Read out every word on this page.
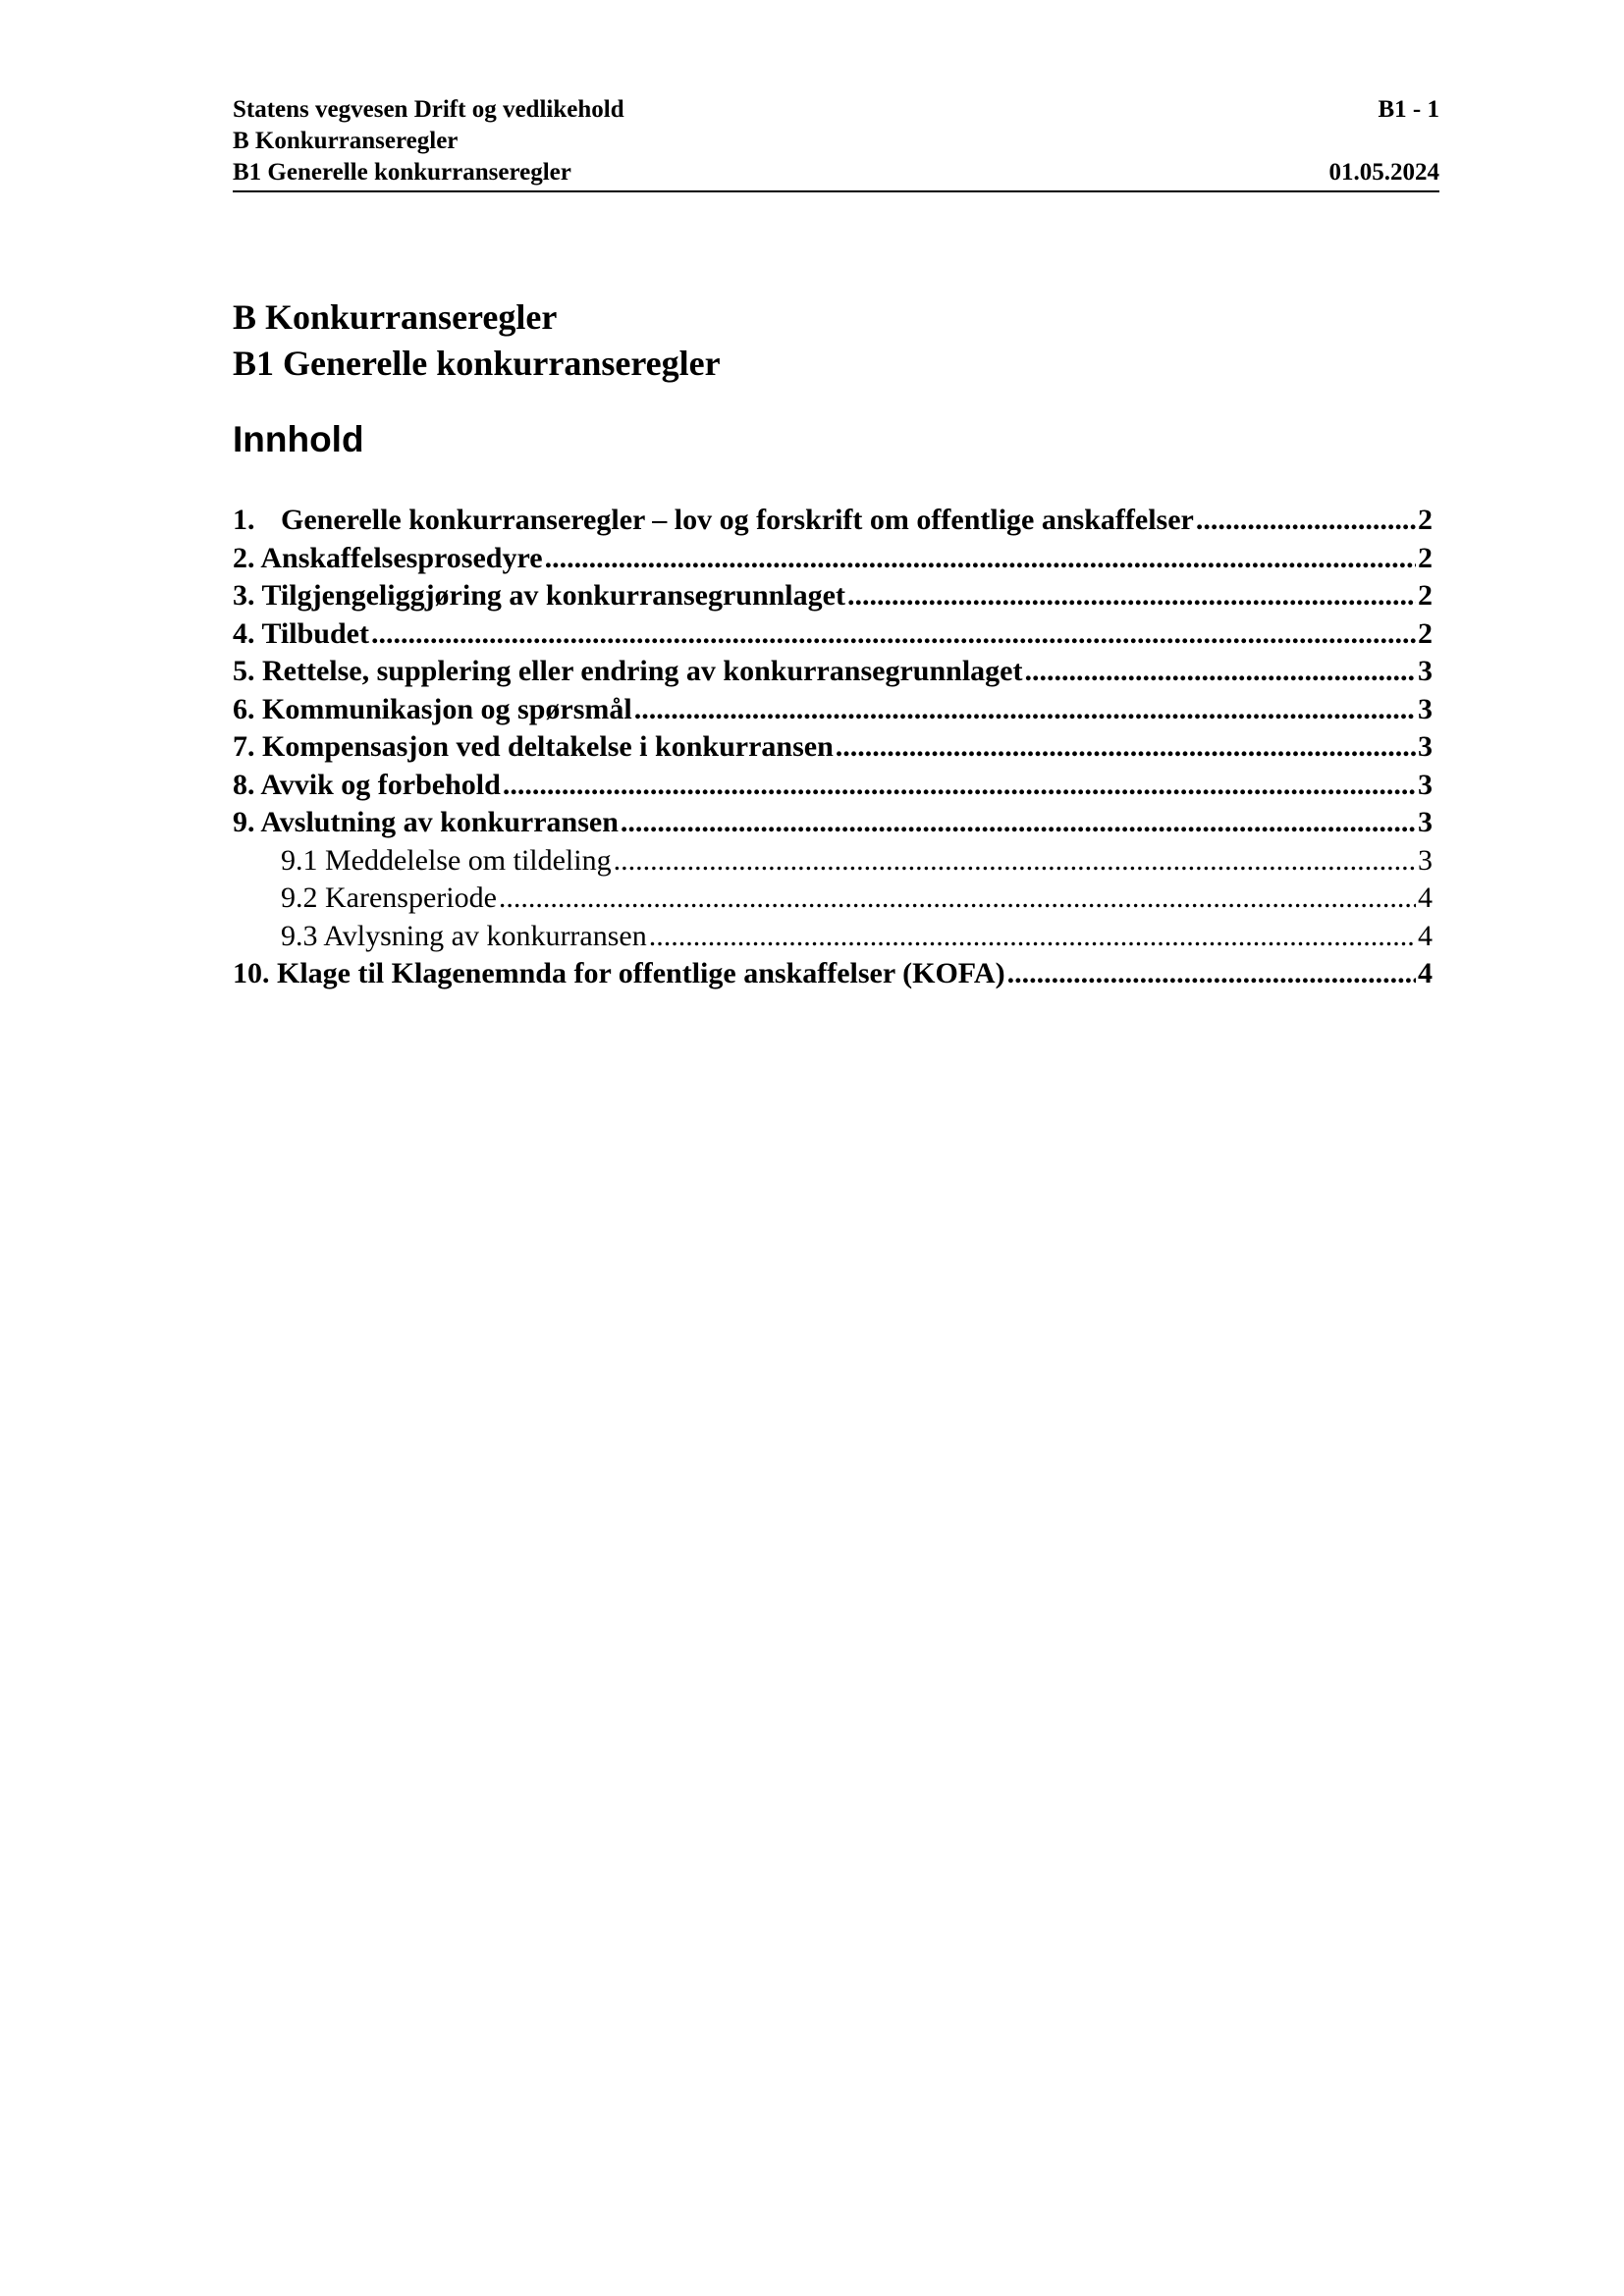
Statens vegvesen Drift og vedlikehold	B1 - 1
B Konkurranseregler
B1 Generelle konkurranseregler	01.05.2024
B Konkurranseregler
B1 Generelle konkurranseregler
Innhold
1. Generelle konkurranseregler – lov og forskrift om offentlige anskaffelser .....	2
2. Anskaffelsesprosedyre .....	2
3. Tilgjengeliggjøring av konkurransegrunnlaget .....	2
4. Tilbudet .....	2
5. Rettelse, supplering eller endring av konkurransegrunnlaget .....	3
6. Kommunikasjon og spørsmål .....	3
7. Kompensasjon ved deltakelse i konkurransen .....	3
8. Avvik og forbehold .....	3
9. Avslutning av konkurransen .....	3
9.1 Meddelelse om tildeling .....	3
9.2 Karensperiode .....	4
9.3 Avlysning av konkurransen .....	4
10. Klage til Klagenemnda for offentlige anskaffelser (KOFA) .....	4
